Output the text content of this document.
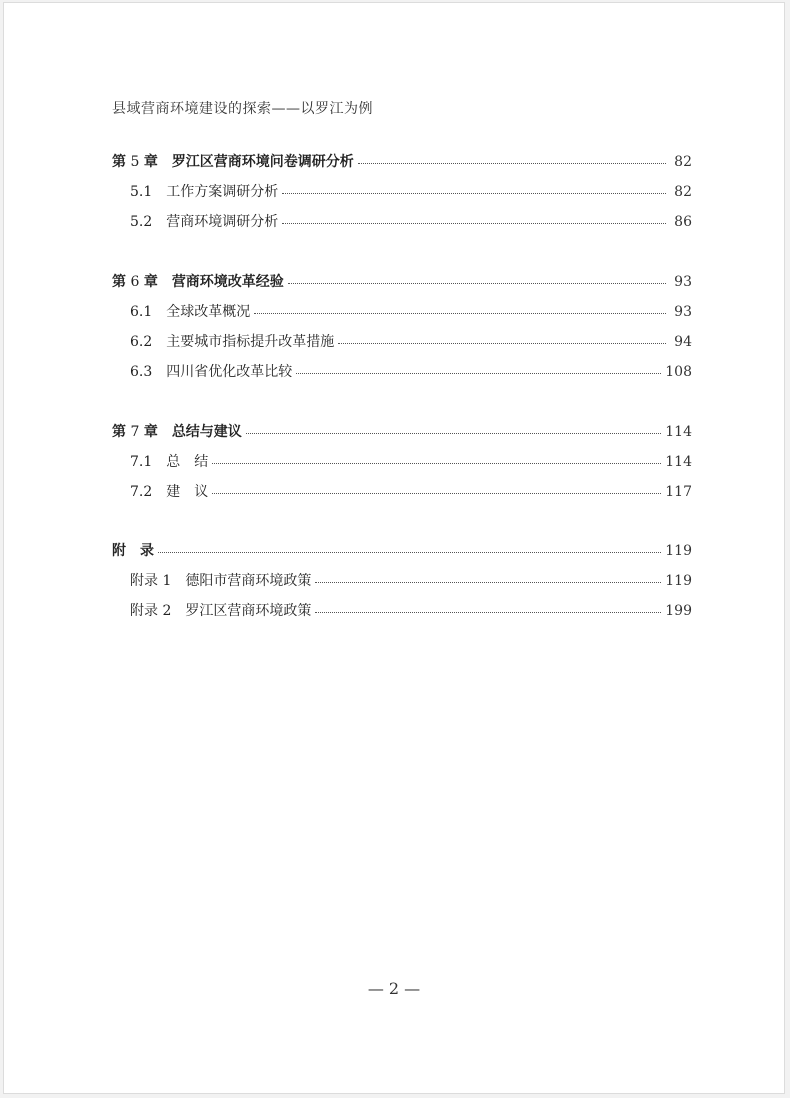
县域营商环境建设的探索——以罗江为例
第 5 章 罗江区营商环境问卷调研分析	82
5.1 工作方案调研分析	82
5.2 营商环境调研分析	86
第 6 章 营商环境改革经验	93
6.1 全球改革概况	93
6.2 主要城市指标提升改革措施	94
6.3 四川省优化改革比较	108
第 7 章 总结与建议	114
7.1 总　结	114
7.2 建　议	117
附 录	119
附录 1 德阳市营商环境政策	119
附录 2 罗江区营商环境政策	199
— 2 —
